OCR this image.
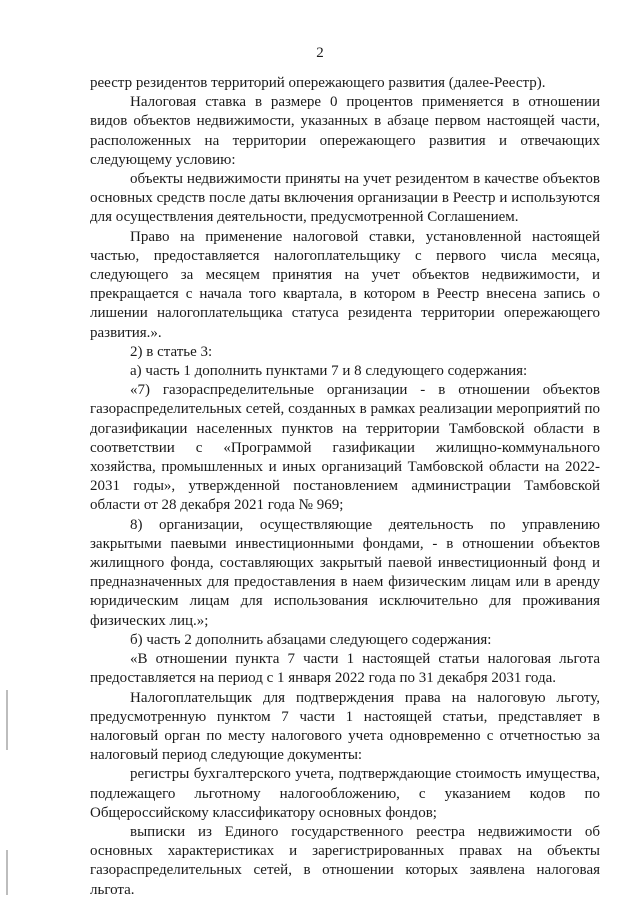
2

реестр резидентов территорий опережающего развития (далее-Реестр).

Налоговая ставка в размере 0 процентов применяется в отношении видов объектов недвижимости, указанных в абзаце первом настоящей части, расположенных на территории опережающего развития и отвечающих следующему условию:

объекты недвижимости приняты на учет резидентом в качестве объектов основных средств после даты включения организации в Реестр и используются для осуществления деятельности, предусмотренной Соглашением.

Право на применение налоговой ставки, установленной настоящей частью, предоставляется налогоплательщику с первого числа месяца, следующего за месяцем принятия на учет объектов недвижимости, и прекращается с начала того квартала, в котором в Реестр внесена запись о лишении налогоплательщика статуса резидента территории опережающего развития.».

2) в статье 3:

а) часть 1 дополнить пунктами 7 и 8 следующего содержания:

«7) газораспределительные организации - в отношении объектов газораспределительных сетей, созданных в рамках реализации мероприятий по догазификации населенных пунктов на территории Тамбовской области в соответствии с «Программой газификации жилищно-коммунального хозяйства, промышленных и иных организаций Тамбовской области на 2022-2031 годы», утвержденной постановлением администрации Тамбовской области от 28 декабря 2021 года № 969;

8) организации, осуществляющие деятельность по управлению закрытыми паевыми инвестиционными фондами, - в отношении объектов жилищного фонда, составляющих закрытый паевой инвестиционный фонд и предназначенных для предоставления в наем физическим лицам или в аренду юридическим лицам для использования исключительно для проживания физических лиц.»;

б) часть 2 дополнить абзацами следующего содержания:

«В отношении пункта 7 части 1 настоящей статьи налоговая льгота предоставляется на период с 1 января 2022 года по 31 декабря 2031 года.

Налогоплательщик для подтверждения права на налоговую льготу, предусмотренную пунктом 7 части 1 настоящей статьи, представляет в налоговый орган по месту налогового учета одновременно с отчетностью за налоговый период следующие документы:

регистры бухгалтерского учета, подтверждающие стоимость имущества, подлежащего льготному налогообложению, с указанием кодов по Общероссийскому классификатору основных фондов;

выписки из Единого государственного реестра недвижимости об основных характеристиках и зарегистрированных правах на объекты газораспределительных сетей, в отношении которых заявлена налоговая льгота.
